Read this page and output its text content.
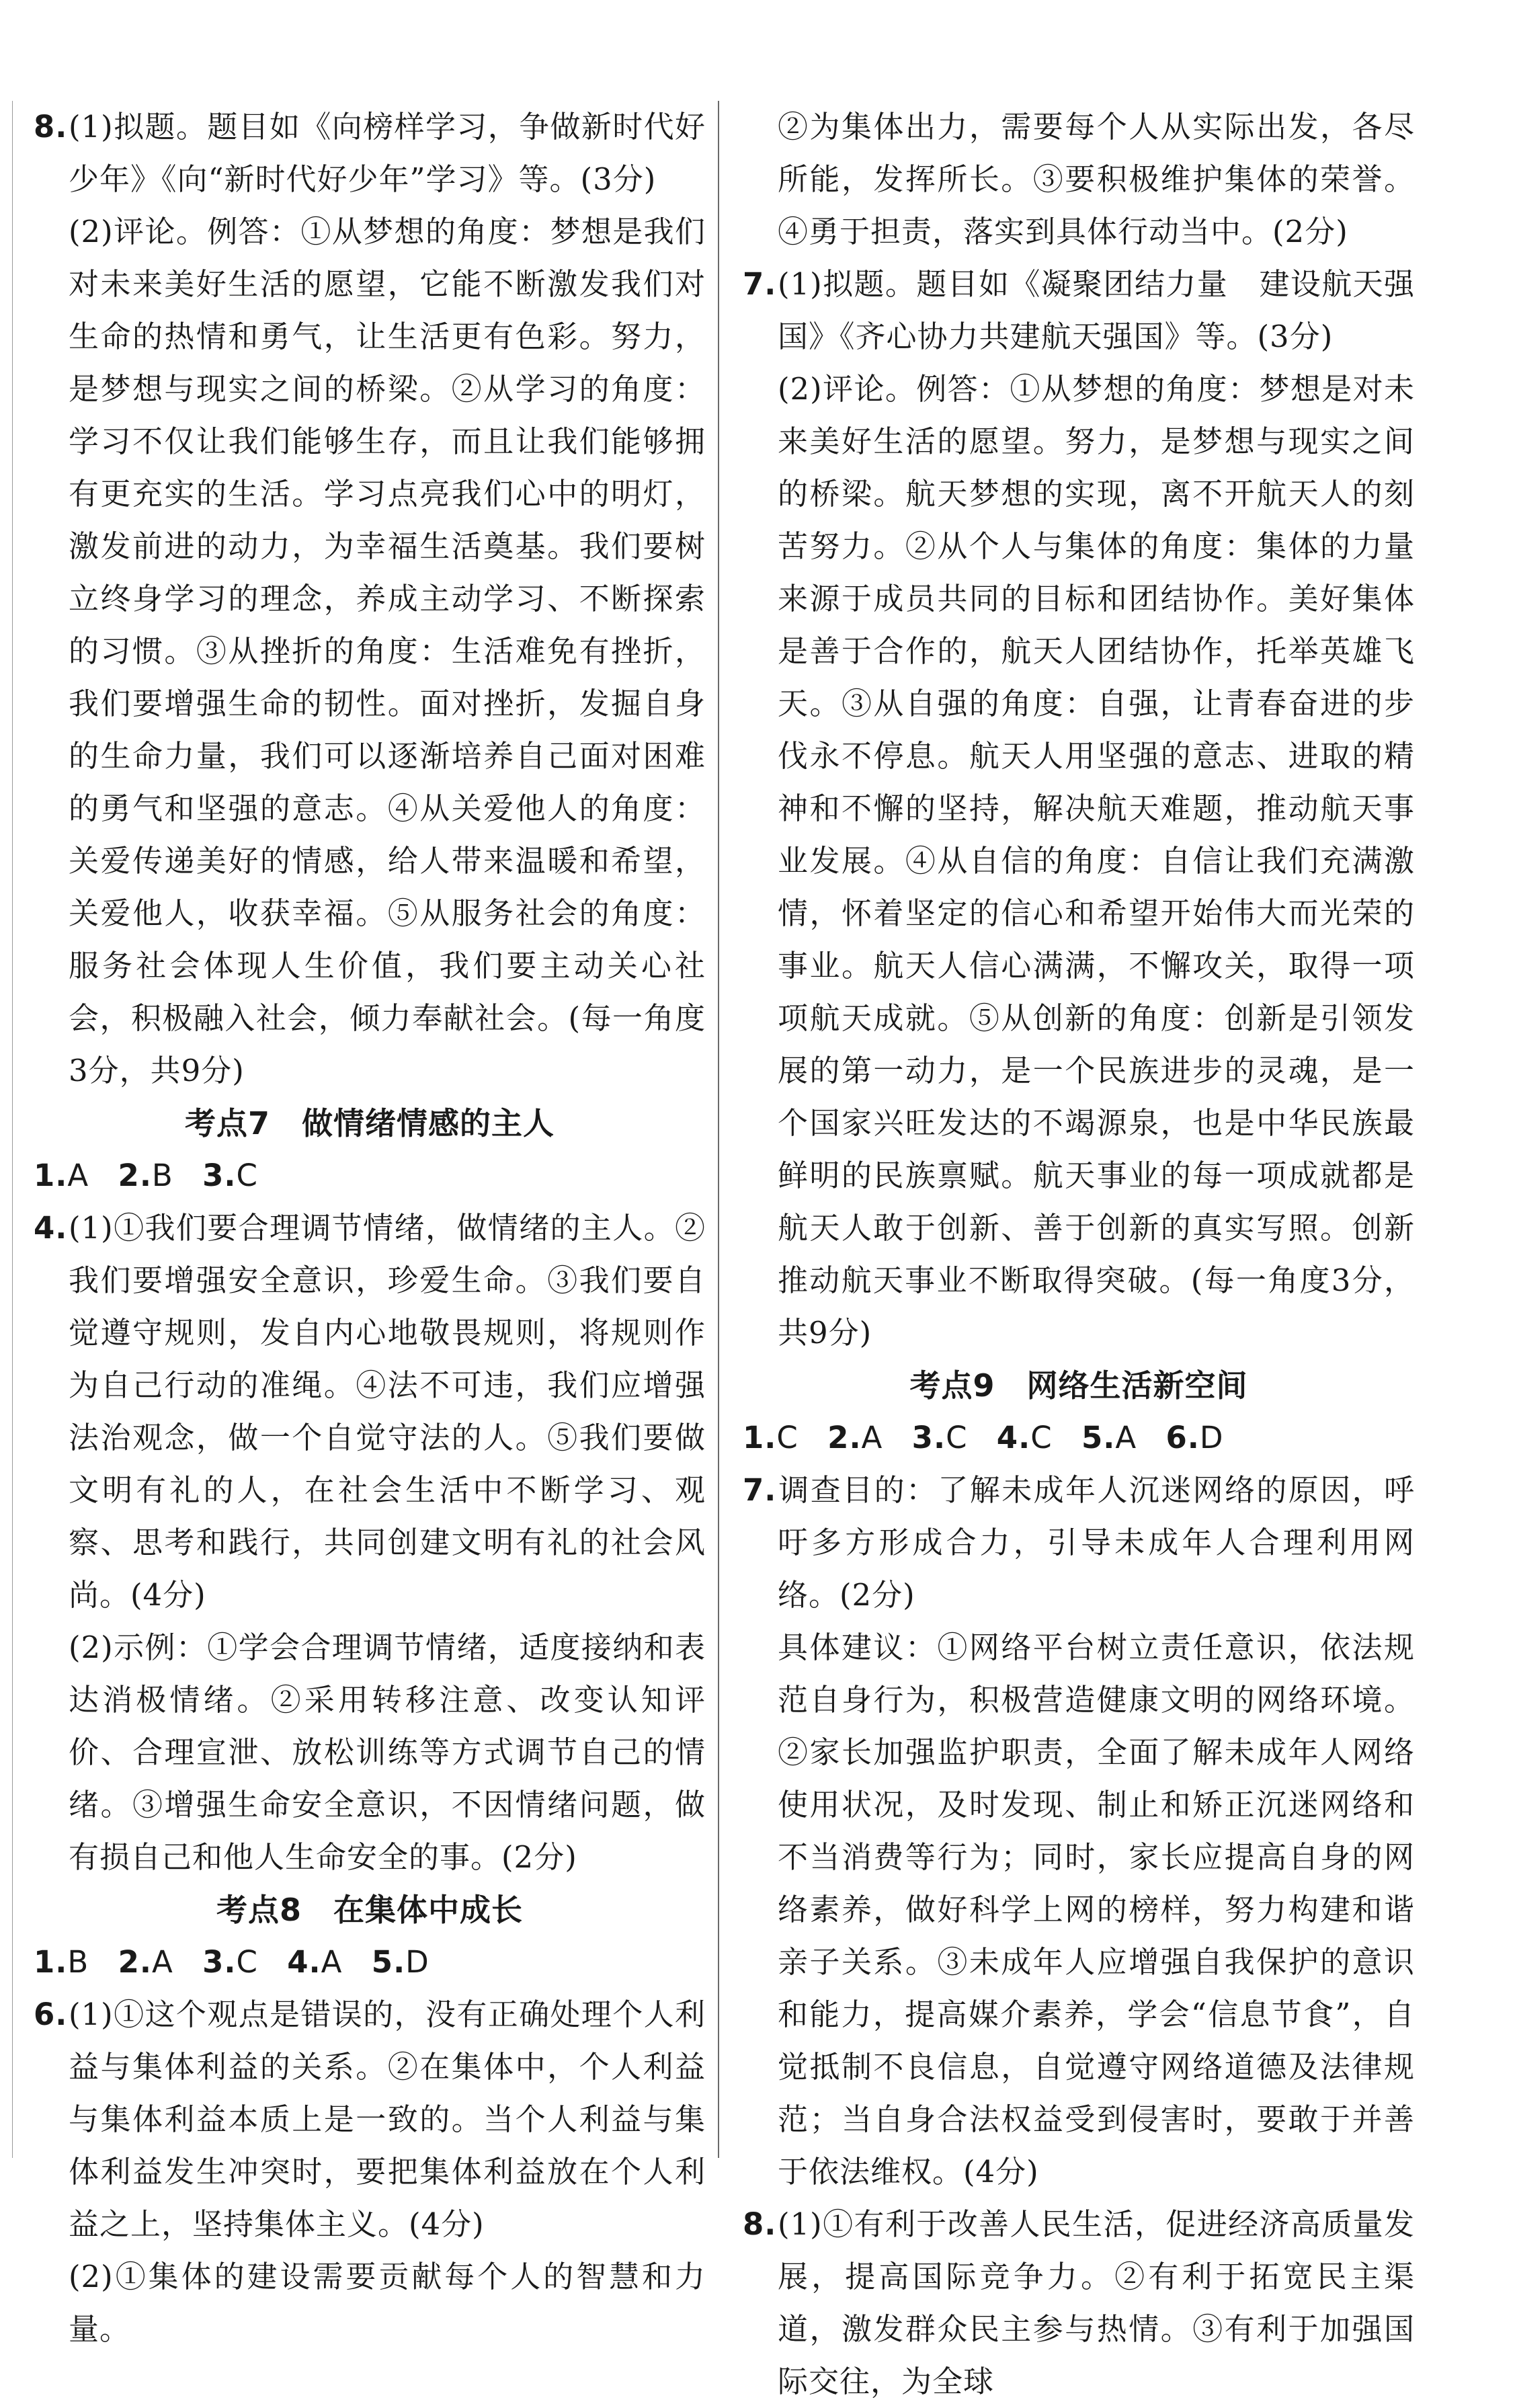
8.(1)拟题。题目如《向榜样学习，争做新时代好少年》《向“新时代好少年”学习》等。(3分)

(2)评论。例答：①从梦想的角度：梦想是我们对未来美好生活的愿望，它能不断激发我们对生命的热情和勇气，让生活更有色彩。努力，是梦想与现实之间的桥梁。②从学习的角度：学习不仅让我们能够生存，而且让我们能够拥有更充实的生活。学习点亮我们心中的明灯，激发前进的动力，为幸福生活奠基。我们要树立终身学习的理念，养成主动学习、不断探索的习惯。③从挫折的角度：生活难免有挫折，我们要增强生命的韧性。面对挫折，发掘自身的生命力量，我们可以逐渐培养自己面对困难的勇气和坚强的意志。④从关爱他人的角度：关爱传递美好的情感，给人带来温暖和希望，关爱他人，收获幸福。⑤从服务社会的角度：服务社会体现人生价值，我们要主动关心社会，积极融入社会，倾力奉献社会。(每一角度3分，共9分)

考点7　做情绪情感的主人

1.A 2.B 3.C

4.(1)①我们要合理调节情绪，做情绪的主人。②我们要增强安全意识，珍爱生命。③我们要自觉遵守规则，发自内心地敬畏规则，将规则作为自己行动的准绳。④法不可违，我们应增强法治观念，做一个自觉守法的人。⑤我们要做文明有礼的人，在社会生活中不断学习、观察、思考和践行，共同创建文明有礼的社会风尚。(4分)

(2)示例：①学会合理调节情绪，适度接纳和表达消极情绪。②采用转移注意、改变认知评价、合理宣泄、放松训练等方式调节自己的情绪。③增强生命安全意识，不因情绪问题，做有损自己和他人生命安全的事。(2分)

考点8　在集体中成长

1.B 2.A 3.C 4.A 5.D

6.(1)①这个观点是错误的，没有正确处理个人利益与集体利益的关系。②在集体中，个人利益与集体利益本质上是一致的。当个人利益与集体利益发生冲突时，要把集体利益放在个人利益之上，坚持集体主义。(4分)

(2)①集体的建设需要贡献每个人的智慧和力量。

②为集体出力，需要每个人从实际出发，各尽所能，发挥所长。③要积极维护集体的荣誉。④勇于担责，落实到具体行动当中。(2分)

7.(1)拟题。题目如《凝聚团结力量　建设航天强国》《齐心协力共建航天强国》等。(3分)

(2)评论。例答：①从梦想的角度：梦想是对未来美好生活的愿望。努力，是梦想与现实之间的桥梁。航天梦想的实现，离不开航天人的刻苦努力。②从个人与集体的角度：集体的力量来源于成员共同的目标和团结协作。美好集体是善于合作的，航天人团结协作，托举英雄飞天。③从自强的角度：自强，让青春奋进的步伐永不停息。航天人用坚强的意志、进取的精神和不懈的坚持，解决航天难题，推动航天事业发展。④从自信的角度：自信让我们充满激情，怀着坚定的信心和希望开始伟大而光荣的事业。航天人信心满满，不懈攻关，取得一项项航天成就。⑤从创新的角度：创新是引领发展的第一动力，是一个民族进步的灵魂，是一个国家兴旺发达的不竭源泉，也是中华民族最鲜明的民族禀赋。航天事业的每一项成就都是航天人敢于创新、善于创新的真实写照。创新推动航天事业不断取得突破。(每一角度3分，共9分)

考点9　网络生活新空间

1.C 2.A 3.C 4.C 5.A 6.D

7.调查目的：了解未成年人沉迷网络的原因，呼吁多方形成合力，引导未成年人合理利用网络。(2分)

具体建议：①网络平台树立责任意识，依法规范自身行为，积极营造健康文明的网络环境。②家长加强监护职责，全面了解未成年人网络使用状况，及时发现、制止和矫正沉迷网络和不当消费等行为；同时，家长应提高自身的网络素养，做好科学上网的榜样，努力构建和谐亲子关系。③未成年人应增强自我保护的意识和能力，提高媒介素养，学会“信息节食”，自觉抵制不良信息，自觉遵守网络道德及法律规范；当自身合法权益受到侵害时，要敢于并善于依法维权。(4分)

8.(1)①有利于改善人民生活，促进经济高质量发展，提高国际竞争力。②有利于拓宽民主渠道，激发群众民主参与热情。③有利于加强国际交往，为全球
